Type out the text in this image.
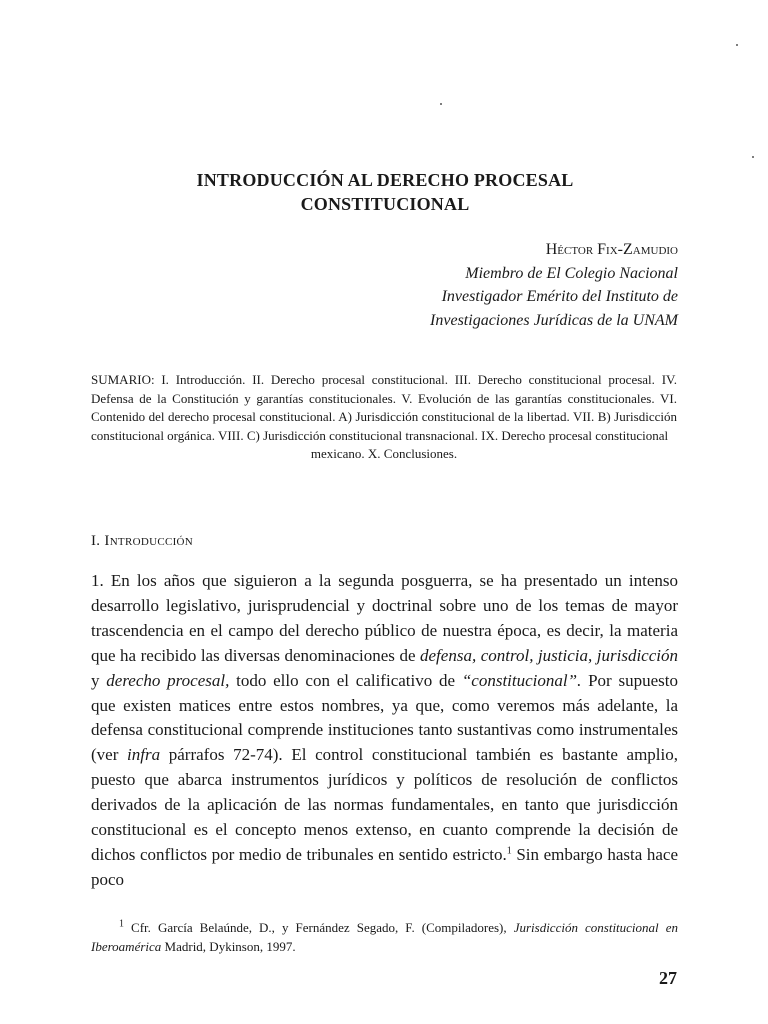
INTRODUCCIÓN AL DERECHO PROCESAL
CONSTITUCIONAL
Héctor Fix-Zamudio
Miembro de El Colegio Nacional
Investigador Emérito del Instituto de
Investigaciones Jurídicas de la UNAM
SUMARIO: I. Introducción. II. Derecho procesal constitucional. III. Derecho constitucional procesal. IV. Defensa de la Constitución y garantías constitucionales. V. Evolución de las garantías constitucionales. VI. Contenido del derecho procesal constitucional. A) Jurisdicción constitucional de la libertad. VII. B) Jurisdicción constitucional orgánica. VIII. C) Jurisdicción constitucional transnacional. IX. Derecho procesal constitucional
mexicano. X. Conclusiones.
I. Introducción
1. En los años que siguieron a la segunda posguerra, se ha presentado un intenso desarrollo legislativo, jurisprudencial y doctrinal sobre uno de los temas de mayor trascendencia en el campo del derecho público de nuestra época, es decir, la materia que ha recibido las diversas denominaciones de defensa, control, justicia, jurisdicción y derecho procesal, todo ello con el calificativo de “constitucional”. Por supuesto que existen matices entre estos nombres, ya que, como veremos más adelante, la defensa constitucional comprende instituciones tanto sustantivas como instrumentales (ver infra párrafos 72-74). El control constitucional también es bastante amplio, puesto que abarca instrumentos jurídicos y políticos de resolución de conflictos derivados de la aplicación de las normas fundamentales, en tanto que jurisdicción constitucional es el concepto menos extenso, en cuanto comprende la decisión de dichos conflictos por medio de tribunales en sentido estricto.$^1$ Sin embargo hasta hace poco
$^1$ Cfr. García Belaúnde, D., y Fernández Segado, F. (Compiladores), Jurisdicción constitucional en Iberoamérica Madrid, Dykinson, 1997.
27
